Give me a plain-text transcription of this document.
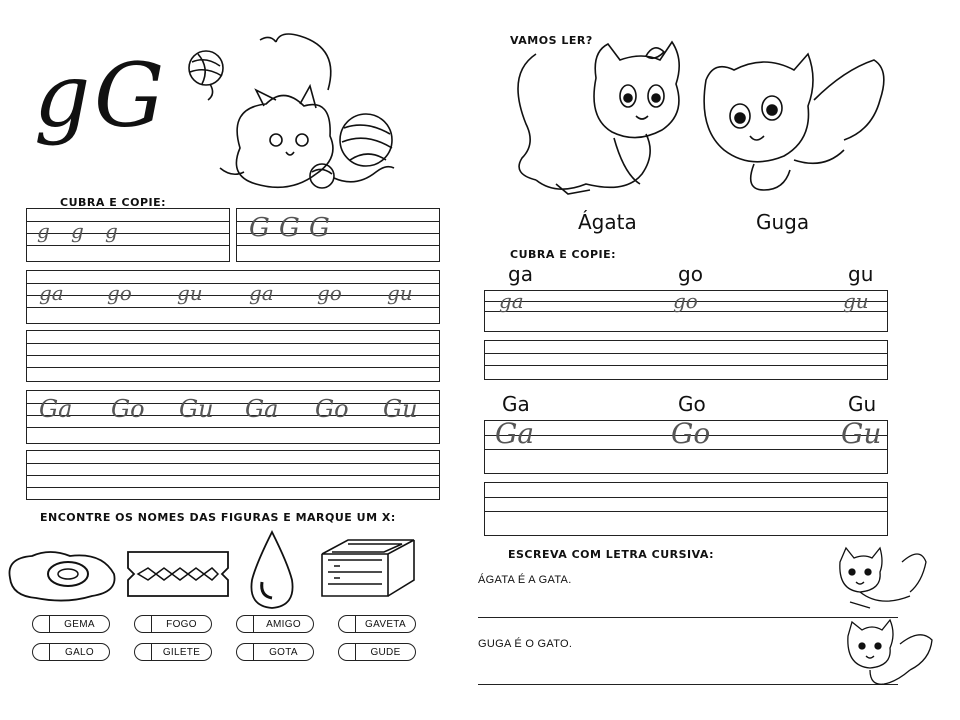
g G
CUBRA E COPIE:
g g g	G G G
ga go gu ga go gu
Ga Go Gu Ga Go Gu
ENCONTRE OS NOMES DAS FIGURAS E MARQUE UM X:
GEMA
GALO
FOGO
GILETE
AMIGO
GOTA
GAVETA
GUDE
VAMOS LER?
Ágata	Guga
CUBRA E COPIE:
ga	go	gu
ga	go	gu
Ga	Go	Gu
Ga	Go	Gu
ESCREVA COM LETRA CURSIVA:
ÁGATA É A GATA.
GUGA É O GATO.
